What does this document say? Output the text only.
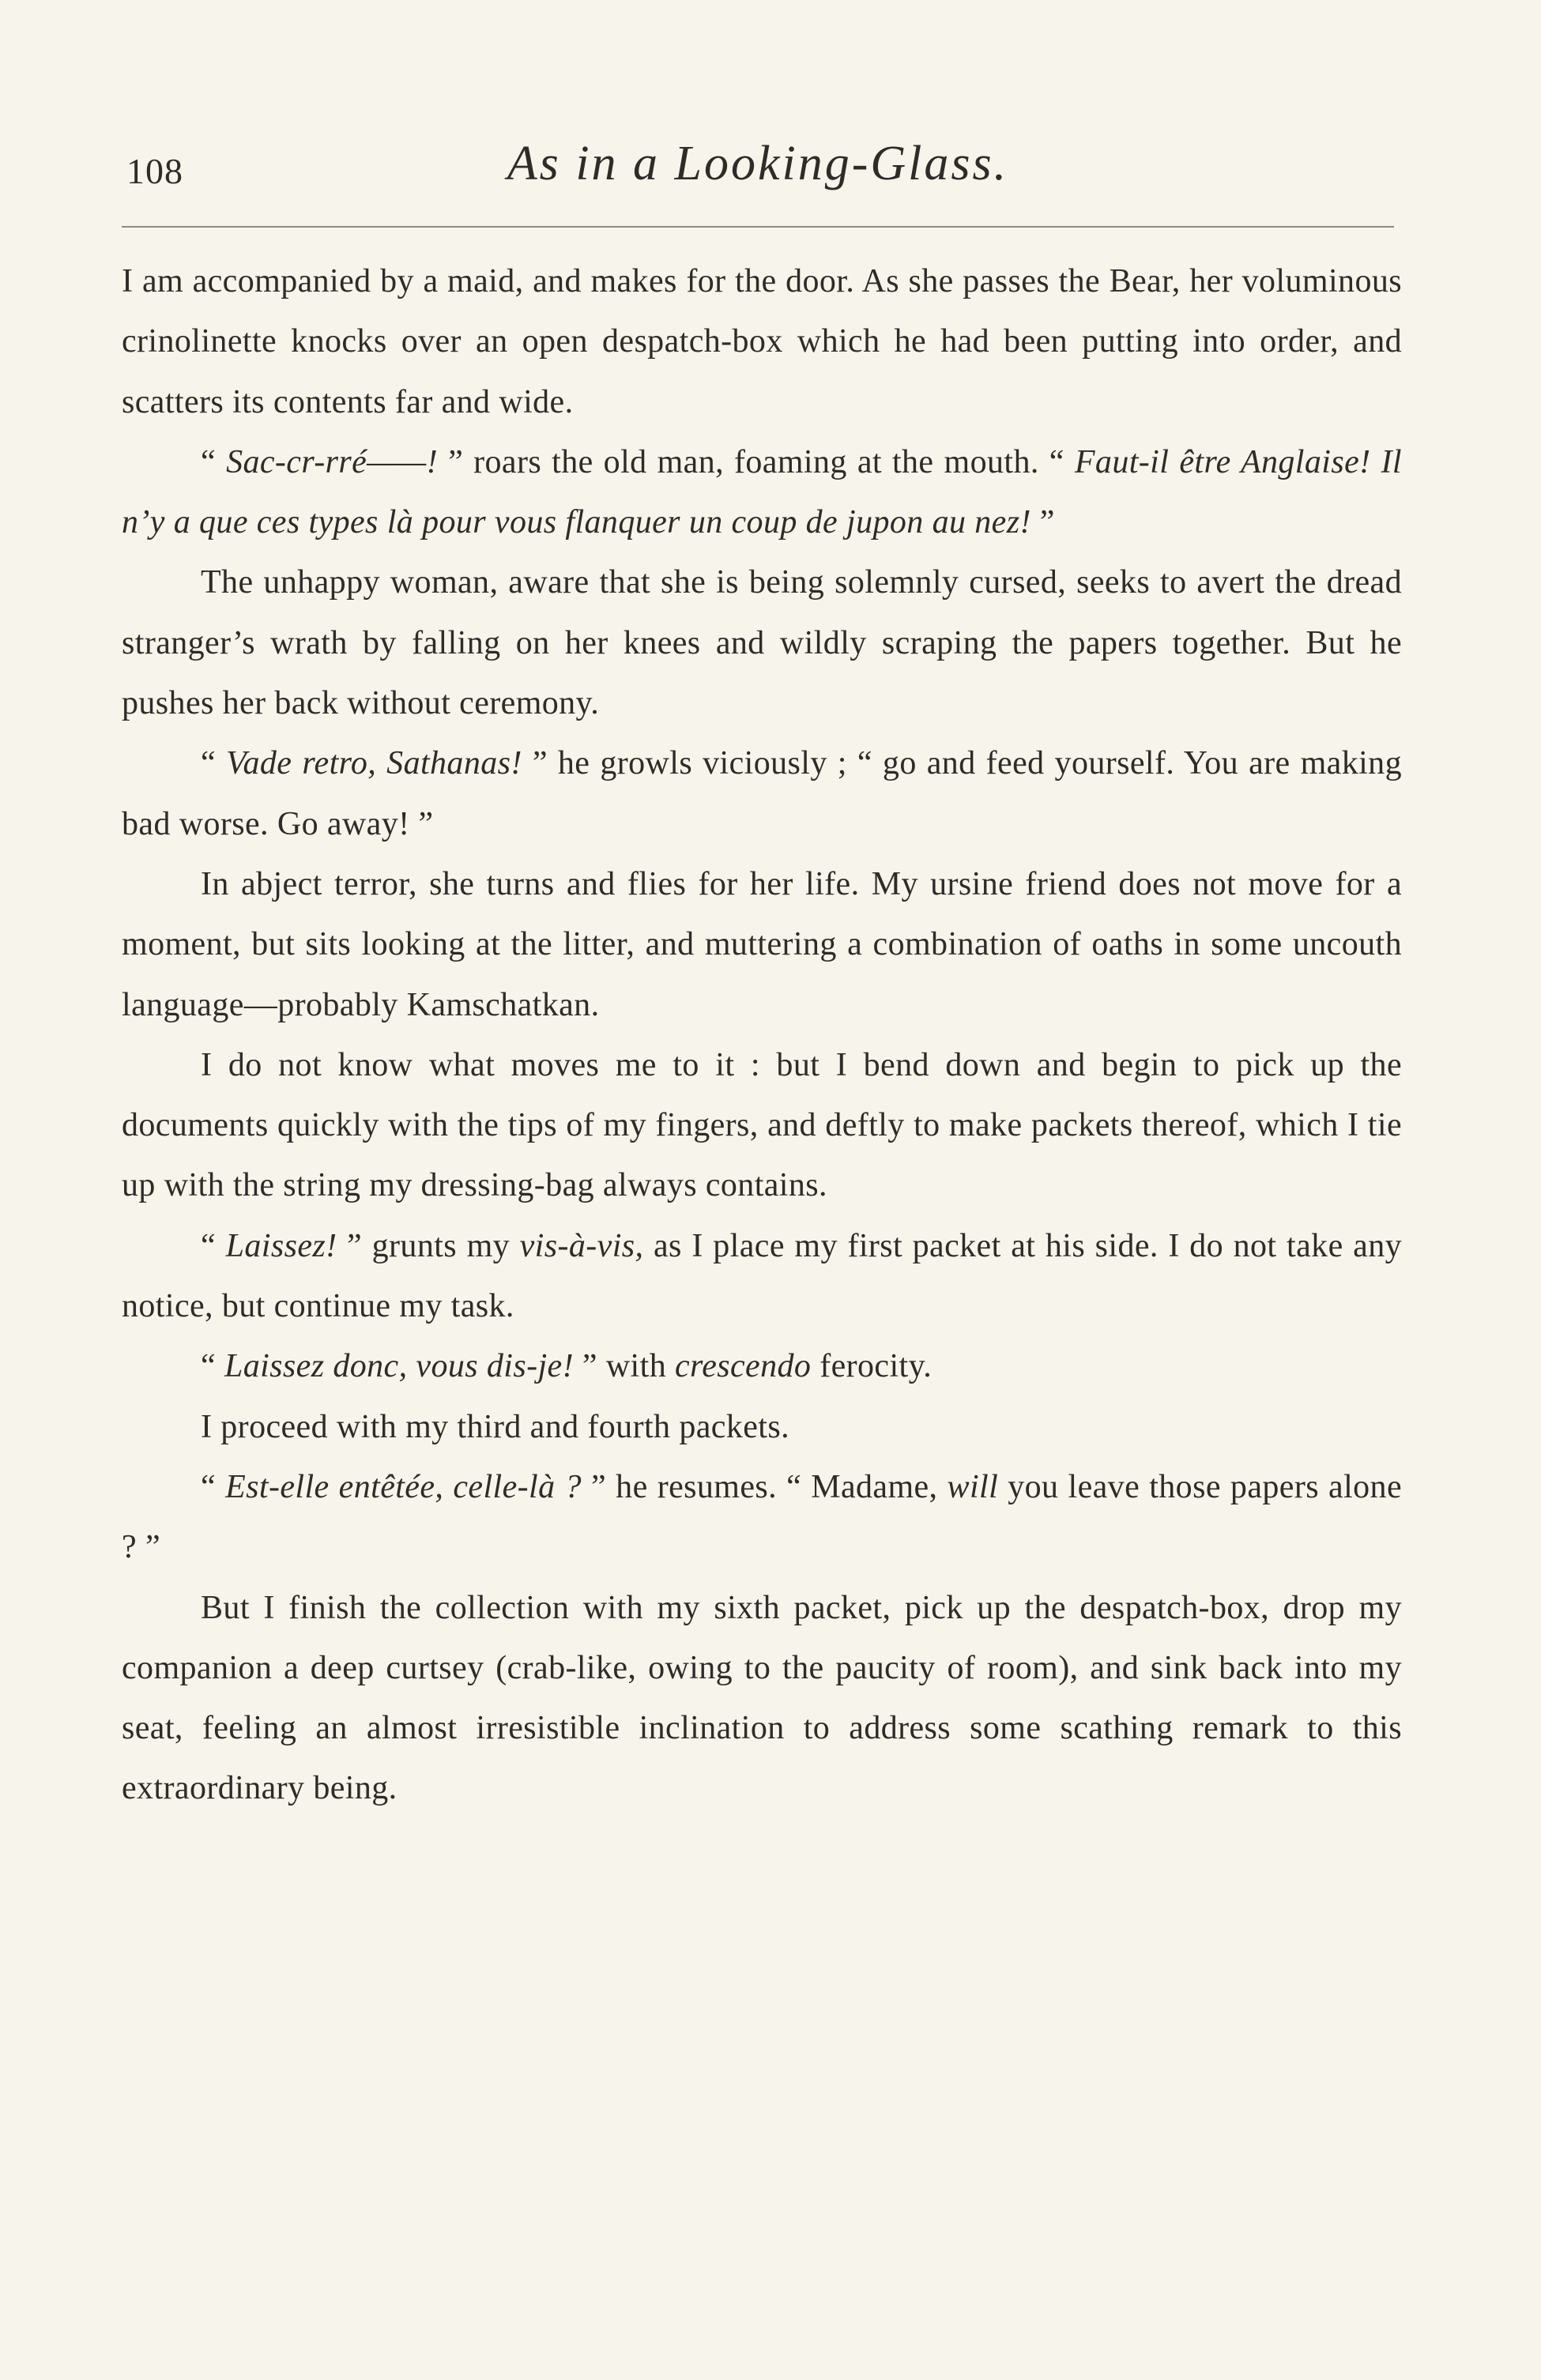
108	As in a Looking-Glass.

I am accompanied by a maid, and makes for the door. As she passes the Bear, her voluminous crinolinette knocks over an open despatch-box which he had been putting into order, and scatters its contents far and wide.

“ Sac-cr-rré——! ” roars the old man, foaming at the mouth. “ Faut-il être Anglaise! Il n’y a que ces types là pour vous flanquer un coup de jupon au nez! ”

The unhappy woman, aware that she is being solemnly cursed, seeks to avert the dread stranger’s wrath by falling on her knees and wildly scraping the papers together. But he pushes her back without ceremony.

“ Vade retro, Sathanas! ” he growls viciously ; “ go and feed yourself. You are making bad worse. Go away! ”

In abject terror, she turns and flies for her life. My ursine friend does not move for a moment, but sits looking at the litter, and muttering a combination of oaths in some uncouth language—probably Kamschatkan.

I do not know what moves me to it : but I bend down and begin to pick up the documents quickly with the tips of my fingers, and deftly to make packets thereof, which I tie up with the string my dressing-bag always contains.

“ Laissez! ” grunts my vis-à-vis, as I place my first packet at his side. I do not take any notice, but continue my task.

“ Laissez donc, vous dis-je! ” with crescendo ferocity.

I proceed with my third and fourth packets.

“ Est-elle entêtée, celle-là ? ” he resumes. “ Madame, will you leave those papers alone ? ”

But I finish the collection with my sixth packet, pick up the despatch-box, drop my companion a deep curtsey (crab-like, owing to the paucity of room), and sink back into my seat, feeling an almost irresistible inclination to address some scathing remark to this extraordinary being.
